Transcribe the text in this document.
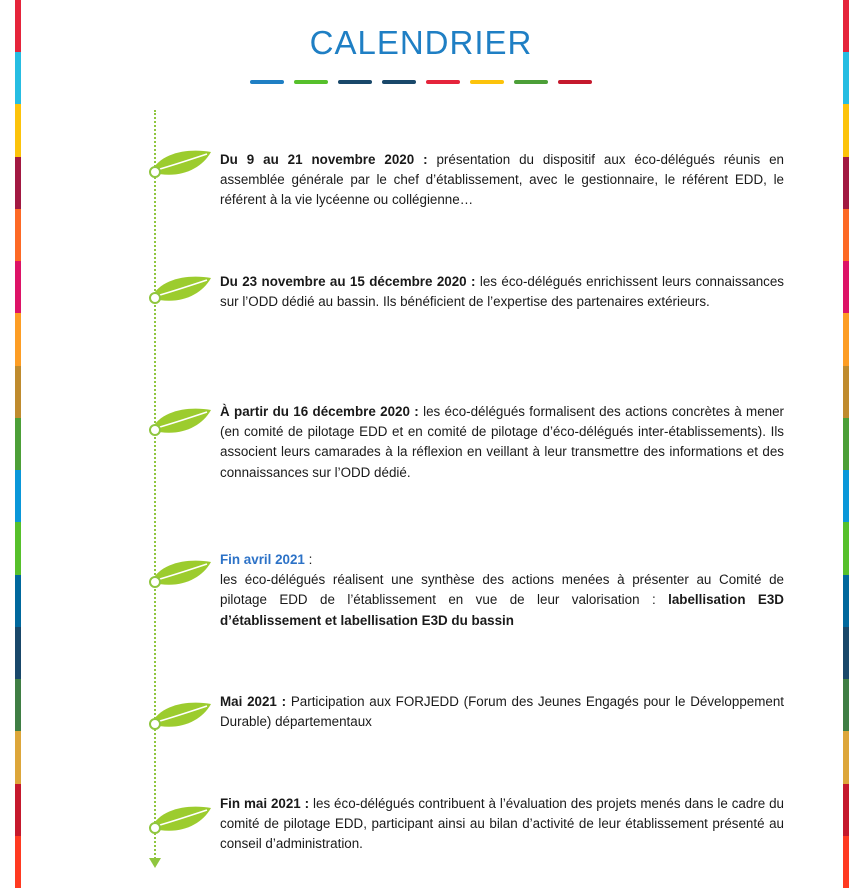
CALENDRIER
Du 9 au 21 novembre 2020 : présentation du dispositif aux éco-délégués réunis en assemblée générale par le chef d’établissement, avec le gestionnaire, le référent EDD, le référent à la vie lycéenne ou collégienne…
Du 23 novembre au 15 décembre 2020 : les éco-délégués enrichissent leurs connaissances sur l’ODD dédié au bassin. Ils bénéficient de l’expertise des partenaires extérieurs.
À partir du 16 décembre 2020 : les éco-délégués formalisent des actions concrètes à mener (en comité de pilotage EDD et en comité de pilotage d’éco-délégués inter-établissements). Ils associent leurs camarades à la réflexion en veillant à leur transmettre des informations et des connaissances sur l’ODD dédié.
Fin avril 2021 :
les éco-délégués réalisent une synthèse des actions menées à présenter au Comité de pilotage EDD de l’établissement en vue de leur valorisation : labellisation E3D d’établissement et labellisation E3D du bassin
Mai 2021 : Participation aux FORJEDD (Forum des Jeunes Engagés pour le Développement Durable) départementaux
Fin mai 2021 : les éco-délégués contribuent à l’évaluation des projets menés dans le cadre du comité de pilotage EDD, participant ainsi au bilan d’activité de leur établissement présenté au conseil d’administration.
